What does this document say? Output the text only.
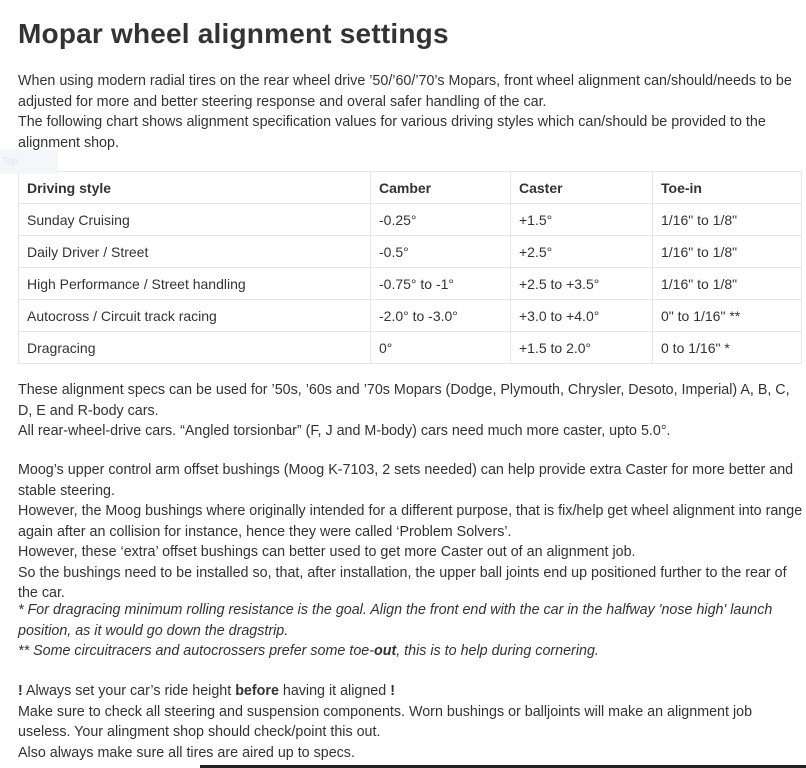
Mopar wheel alignment settings

When using modern radial tires on the rear wheel drive ’50/’60/’70’s Mopars, front wheel alignment can/should/needs to be adjusted for more and better steering response and overal safer handling of the car.

The following chart shows alignment specification values for various driving styles which can/should be provided to the alignment shop.

Driving style	Camber	Caster	Toe-in
Sunday Cruising	-0.25°	+1.5°	1/16" to 1/8"
Daily Driver / Street	-0.5°	+2.5°	1/16" to 1/8"
High Performance / Street handling	-0.75° to -1°	+2.5 to +3.5°	1/16" to 1/8"
Autocross / Circuit track racing	-2.0° to -3.0°	+3.0 to +4.0°	0" to 1/16" **
Dragracing	0°	+1.5 to 2.0°	0 to 1/16" *

These alignment specs can be used for ’50s, ’60s and ’70s Mopars (Dodge, Plymouth, Chrysler, Desoto, Imperial) A, B, C, D, E and R-body cars.

All rear-wheel-drive cars. “Angled torsionbar” (F, J and M-body) cars need much more caster, upto 5.0°.

Moog’s upper control arm offset bushings (Moog K-7103, 2 sets needed) can help provide extra Caster for more better and stable steering.

However, the Moog bushings where originally intended for a different purpose, that is fix/help get wheel alignment into range again after an collision for instance, hence they were called ‘Problem Solvers’.

However, these ‘extra’ offset bushings can better used to get more Caster out of an alignment job.

So the bushings need to be installed so, that, after installation, the upper ball joints end up positioned further to the rear of the car.

* For dragracing minimum rolling resistance is the goal. Align the front end with the car in the halfway 'nose high' launch position, as it would go down the dragstrip.

** Some circuitracers and autocrossers prefer some toe-out, this is to help during cornering.

! Always set your car’s ride height before having it aligned !

Make sure to check all steering and suspension components. Worn bushings or balljoints will make an alignment job useless. Your alingment shop should check/point this out.

Also always make sure all tires are aired up to specs.

Top
